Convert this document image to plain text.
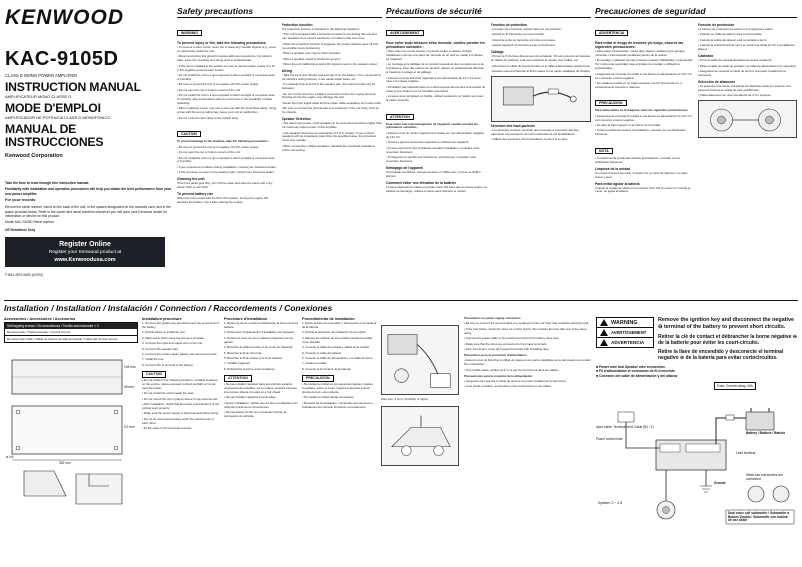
KENWOOD
KAC-9105D
CLASS D MONO POWER AMPLIFIER
INSTRUCTION MANUAL
AMPLIFICATEUR MONO CLASSE D
MODE D'EMPLOI
AMPLIFICADOR DE POTENCIA CLASE D MONOFÓNICO
MANUAL DE INSTRUCCIONES
Kenwood Corporation

Take the time to read through this instruction manual.

Familiarity with installation and operation procedures will help you obtain the best performance from your new power amplifier.

For your records

Record the serial number, found on the back of the unit, in the spaces designated on the warranty card, and in the space provided below. Refer to the model and serial numbers whenever you call upon your Kenwood dealer for information or service on this product.

Model KAC-9105D Serial number

US Residence Only

Register Online
Register your Kenwood product at
www.Kenwoodusa.com
© B54-4979-00/00 (KV/E0)
Safety precautions
WARNING
To prevent injury or fire, take the following precautions:

• To prevent a short circuit, never put or leave any metallic objects (e.g., coins or metal tools) inside the unit.

• Mount and wiring this product requires skills and experience. For safety's sake, leave the mounting and wiring work to professionals.

• If the unit is installed in the vehicle, be sure to use the power supply of a 12 V DC negative ground power source.

• Do not install the unit in a spot exposed to direct sunlight or excessive heat or humidity.

• Be sure to ground the unit to a negative 12V DC power supply.

• Do not open the top or bottom covers of the unit.

• Do not install the unit in a spot exposed to direct sunlight or excessive heat or humidity. Also avoid places with too much dust or the possibility of water splashing.

• When replacing a fuse, only use a new one with the prescribed rating. Using a fuse with the wrong rating may cause your unit to malfunction.

• Do not route the wire close to the vehicle body.

CAUTION

To prevent damage to the machine, take the following precautions:

• Be sure to ground the unit to a negative 12V DC power supply.

• Do not open the top or bottom covers of the unit.

• Do not install the unit in a spot exposed to direct sunlight or excessive heat or humidity.

• If you experience problems during installation, consult your Kenwood dealer.

• If the unit does not seem to be working right, consult your Kenwood dealer.

Cleaning the unit

If the front panel gets dirty, turn off the power and wipe the panel with a dry silicon cloth or soft cloth.

To prevent battery rise

When the unit is used with the ACC ON position, turning the engine ON depletes the battery. Use it after starting the engine.

Protection function

The protection function is activated in the following situations:

• This unit is equipped with a protection function for protecting this unit and your speakers from various accidents or problems that can occur.

• When the protection function is triggered, the power indicator goes off and the amplifier stops functioning.

• When a speaker wire may be short-circuited.

• When a speaker output is shorted to ground.

• When the unit malfunctions and a DC signal is sent to the speaker output.

Wiring

• Take the input wire directly and securely from the battery. If it is connected to the vehicle's wiring harness, it can cause blown fuses, etc.

• If a capacity fuse is found in the speaker wire, the input terminal may be damaged.

• Do not cut the wire from a battery connection before the engine terminal. Shorting across the engine may damage the unit.

• Route the input signal cable and the power cable separately from each other.

• Be sure to connect the ground wire to a metal part of the car body, such as the chassis.

Speaker Selection

• The rated input power of the speakers to be connected should be higher than the maximum output power of this amplifier.

• Use speakers that have an impedance of 2 Ω or greater. If you connect speakers with an impedance lower than the specified value, the protection circuit may operate.

• When connecting multiple speakers, calculate the combined impedance before connecting.

Précautions de sécurité
AVERTISSEMENT
Pour éviter toute blessure et/ou incendie, veuillez prendre les précautions suivantes :

• Pour éviter les courts-circuits, ne jamais mettre ou laisser d'objets métalliques (comme une pièce de monnaie ou un outil en métal) à l'intérieur de l'appareil.

• Le montage et le câblage de ce produit nécessitent des compétences et de l'expérience. Pour des raisons de sécurité, laissez un professionnel effectuer le travail de montage et de câblage.

• Assurez-vous de brancher l'appareil à une alimentation de 12 V CC avec mise à la masse négative.

• N'installez pas l'appareil dans un endroit exposé directement à la lumière du soleil, à une chaleur ou une humidité excessives.

• Lorsque vous remplacez un fusible, utilisez seulement un fusible neuf avec la valeur prescrite.

ATTENTION

Pour éviter tout endommagement de l'appareil, veuillez prendre les précautions suivantes :

• Assurez-vous de mettre l'appareil à la masse sur une alimentation négative de 12V CC.

• N'ouvrez pas les couvercles supérieur ou inférieur de l'appareil.

• Si vous rencontrez des problèmes pendant l'installation, consultez votre revendeur Kenwood.

• Si l'appareil ne semble pas fonctionner correctement, consultez votre revendeur Kenwood.

Nettoyage de l'appareil

Si la façade est tâchée, essuyez-la avec un chiffon sec, comme un chiffon siliconé.

Comment éviter une élévation de la batterie

Lorsque l'appareil est utilisé en position ACC ON sans que le moteur tourne, la batterie se décharge. Utilisez-le après avoir démarré le moteur.

Fonction de protection

La fonction de protection s'active dans les cas suivants :

• Quand un fil d'enceinte est court-circuité.

• Quand la sortie de l'enceinte est mise à la masse.

• Quand l'appareil ne fonctionne pas correctement.

Câblage

• Prenez le fil d'entrée directement de la batterie. S'il est connecté au faisceau de câbles du véhicule, cela peut entraîner la rupture d'un fusible, etc.

• Acheminez le câble du signal d'entrée et le câble d'alimentation séparément.

• Assurez-vous de brancher le fil de masse à une partie métallique du châssis.

Sélection des haut-parleurs

• La puissance d'entrée nominale des enceintes à connecter doit être supérieure à la puissance de sortie maximale de cet amplificateur.

• Utilisez des enceintes dont l'impédance est de 2 Ω ou plus.

Precauciones de seguridad
ADVERTENCIA
Para evitar el riesgo de lesiones y/o fuego, observe las siguientes precauciones:

• Para evitar cortocircuitos, nunca deje objetos metálicos (por ejemplo, monedas o herramientas metálicas) dentro de la unidad.

• El montaje y cableado de este producto requiere habilidades y experiencia. Por motivos de seguridad, deje el trabajo de montaje y cableado a profesionales.

• Asegúrese de conectar la unidad a una fuente de alimentación de 12V CC con conexión a tierra negativa.

• No instale la unidad en un lugar expuesto a la luz directa del sol, o excesivamente húmedo o caluroso.

PRECAUCIÓN

Para evitar daños en la máquina, tome las siguientes precauciones:

• Asegúrese de conectar la unidad a una fuente de alimentación de 12V CC con conexión a tierra negativa.

• No abra la tapa superior ni la inferior de la unidad.

• Si tiene problemas durante la instalación, consulte con su distribuidor Kenwood.

NOTA

• Si experimenta problemas durante la instalación, consulte con su distribuidor Kenwood.

Limpieza de la unidad

Si el panel frontal está sucio, límpielo con un paño de silicona o un paño suave y seco.

Para evitar agotar la batería

Cuando la unidad se utiliza en la posición ACC ON sin poner en marcha el motor, se agota la batería.

Función de protección

La función de protección se activa en los siguientes casos:

• Cuando un cable de altavoz está cortocircuitado.

• Cuando la salida del altavoz está conectada a tierra.

• Cuando la unidad funciona mal y se envía una señal de CC a la salida del altavoz.

Cableado

• Tome el cable de entrada directamente desde la batería.

• Dirija el cable de señal de entrada y el cable de alimentación por separado.

• Asegúrese de conectar el cable de tierra a una parte metálica de la carrocería.

Selección de altavoces

• La potencia nominal de entrada de los altavoces debe ser superior a la potencia máxima de salida de este amplificador.

• Utilice altavoces con una impedancia de 2 Ω o superior.

Installation / Installation / Instalación / Connection / Raccordements / Conexiones
Accessories / Accessoires / Accesorios
Self tapping screws / Vis taraudeuses / Tornillo autorroscante × 4
Remote knob / Télécommande / Control remoto
Remote knob cable / Câble du bouton de télécommande / Cable del control remoto
104 mm
28 mm
320 mm
9.2 mm
ø 4.8
Installation procedure

1. Remove the ignition key and disconnect the ⊖ terminal of the battery.

2. Decide where to install the unit.

3. Mark screw holes using the unit as a template.

4. Connect the input and output wire of the unit.

5. Connect the speaker wire.

6. Connect the power supply, battery wire and ground wire.

7. Install the unit.

8. Connect the ⊖ terminal of the battery.

CAUTION

• Do not install in the following locations: unstable locations, on the engine, places exposed to direct sunlight or hot air, near the heater.

• Do not install the unit beneath the seat.

• Do not mount the unit in places where it may become wet.

• After installation, check that the lamps and indicators of the vehicle work properly.

• Make sure the power supply is disconnected before wiring.

• Do not let unconnected wires touch the vehicle body or each other.

• Fit the wires to the terminals securely.

Procédure d'installation

1. Retirer la clé de contact et débrancher la borne ⊖ de la batterie.

2. Déterminer l'emplacement d'installation de l'appareil.

3. Percer les trous de vis en utilisant l'appareil comme gabarit.

4. Brancher le câble d'entrée et de sortie de l'appareil.

5. Brancher le fil de l'enceinte.

6. Brancher le fil de masse et le fil de batterie.

7. Installer l'appareil.

8. Rebrancher la borne ⊖ de la batterie.

ATTENTION

• Ne pas installer l'appareil dans les endroits suivants : emplacements instables, sur le moteur, endroits exposés à la lumière directe du soleil ou à l'air chaud.

• Ne pas installer l'appareil sous le siège.

• Après l'installation, vérifier que les feux et indicateurs du véhicule fonctionnent correctement.

• Ne pas laisser les fils non connectés toucher la carrosserie du véhicule.

Procedimiento de instalación

1. Retire la llave de encendido y desconecte el terminal ⊖ de la batería.

2. Decida la ubicación de instalación de la unidad.

3. Marque los orificios de los tornillos usando la unidad como plantilla.

4. Conecte el cable de entrada y salida de la unidad.

5. Conecte el cable del altavoz.

6. Conecte el cable de alimentación y el cable de tierra.

7. Instale la unidad.

8. Conecte el terminal ⊖ de la batería.

PRECAUCIÓN

• No instale la unidad en los siguientes lugares: lugares inestables, sobre el motor, lugares expuestos a la luz directa del sol o aire caliente.

• No instale la unidad debajo del asiento.

• Después de la instalación, compruebe que las luces e indicadores del vehículo funcionan correctamente.

Wire size: 4 mm² (10 AWG) or higher

Precautions on power supply connection

• Be sure to connect the ground cable to a metal part of the car body that conducts electricity well.

• If the fuse blows, check the wires for a short circuit, then replace the fuse with one of the same rating.

• Connect the power cable to the positive terminal of the battery via a fuse.

• Make sure that the wires are connected to the proper terminals.

• After connection, cover all exposed terminals with insulating tape.

Précautions pour la connexion d'alimentation

• Assurez-vous de brancher le câble de masse à une partie métallique de la carrosserie qui conduit bien l'électricité.

• Si le fusible saute, vérifiez qu'il n'y a pas de court-circuit dans les câbles.

Precauciones para la conexión de la alimentación

• Asegúrese de conectar el cable de tierra a una parte metálica de la carrocería.

• Si se funde el fusible, compruebe si hay cortocircuito en los cables.

WARNING
AVERTISSEMENT
ADVERTENCIA
Remove the ignition key and disconnect the negative ⊖ terminal of the battery to prevent short circuits.
Retirer la clé de contact et débrancher la borne négative ⊖ de la batterie pour éviter les court-circuits.
Retire la llave de encendido y desconecte el terminal negativo ⊖ de la batería para evitar cortocircuitos.
■ Power wire and Speaker wire connection
■ Fil d'alimentation et connexion de fil d'enceinte
■ Conexión del cable de alimentación y del altavoz
Fuse: Current rating: 40A
Battery / Batterie / Batería
Input cable: Terminal Vivid Cable (B1 / 2)
Power control lead
Ground
Speaker: 2 ~ 4 Ω
Lead terminal
When two subwoofers are connected
Dual voice coil subwoofer / Subwoofer à Bobine Double / Subwoofer con bobina de voz doble
